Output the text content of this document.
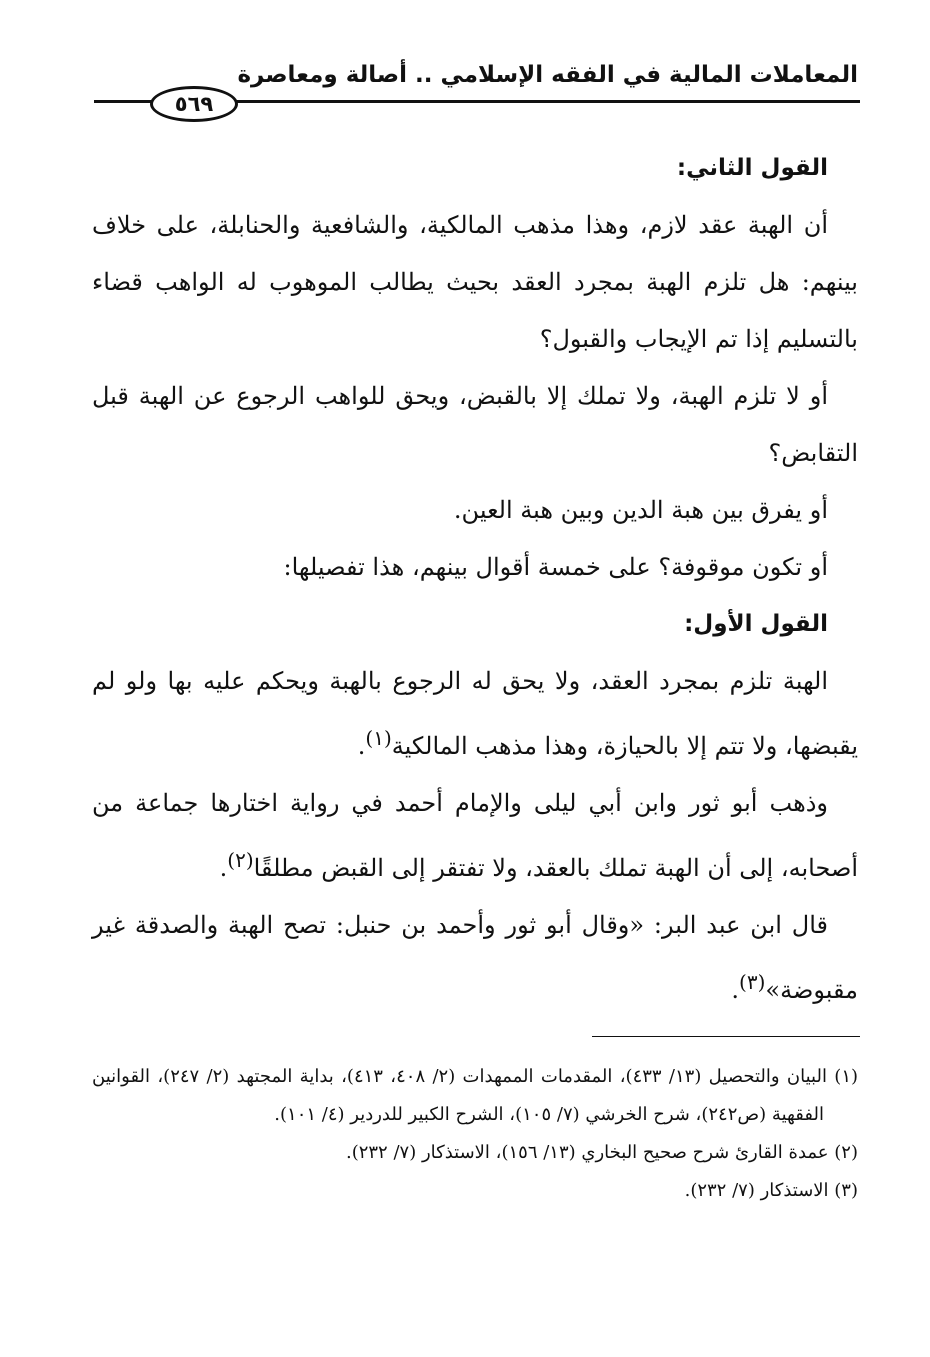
المعاملات المالية في الفقه الإسلامي .. أصالة ومعاصرة
٥٦٩

القول الثاني:

أن الهبة عقد لازم، وهذا مذهب المالكية، والشافعية والحنابلة، على خلاف بينهم: هل تلزم الهبة بمجرد العقد بحيث يطالب الموهوب له الواهب قضاء بالتسليم إذا تم الإيجاب والقبول؟

أو لا تلزم الهبة، ولا تملك إلا بالقبض، ويحق للواهب الرجوع عن الهبة قبل التقابض؟

أو يفرق بين هبة الدين وبين هبة العين.

أو تكون موقوفة؟ على خمسة أقوال بينهم، هذا تفصيلها:

القول الأول:

الهبة تلزم بمجرد العقد، ولا يحق له الرجوع بالهبة ويحكم عليه بها ولو لم يقبضها، ولا تتم إلا بالحيازة، وهذا مذهب المالكية$^{(١)}$.

وذهب أبو ثور وابن أبي ليلى والإمام أحمد في رواية اختارها جماعة من أصحابه، إلى أن الهبة تملك بالعقد، ولا تفتقر إلى القبض مطلقًا$^{(٢)}$.

قال ابن عبد البر: «وقال أبو ثور وأحمد بن حنبل: تصح الهبة والصدقة غير مقبوضة»$^{(٣)}$.

(١) البيان والتحصيل (١٣/ ٤٣٣)، المقدمات الممهدات (٢/ ٤٠٨، ٤١٣)، بداية المجتهد (٢/ ٢٤٧)، القوانين الفقهية (ص٢٤٢)، شرح الخرشي (٧/ ١٠٥)، الشرح الكبير للدردير (٤/ ١٠١).

(٢) عمدة القارئ شرح صحيح البخاري (١٣/ ١٥٦)، الاستذكار (٧/ ٢٣٢).

(٣) الاستذكار (٧/ ٢٣٢).
